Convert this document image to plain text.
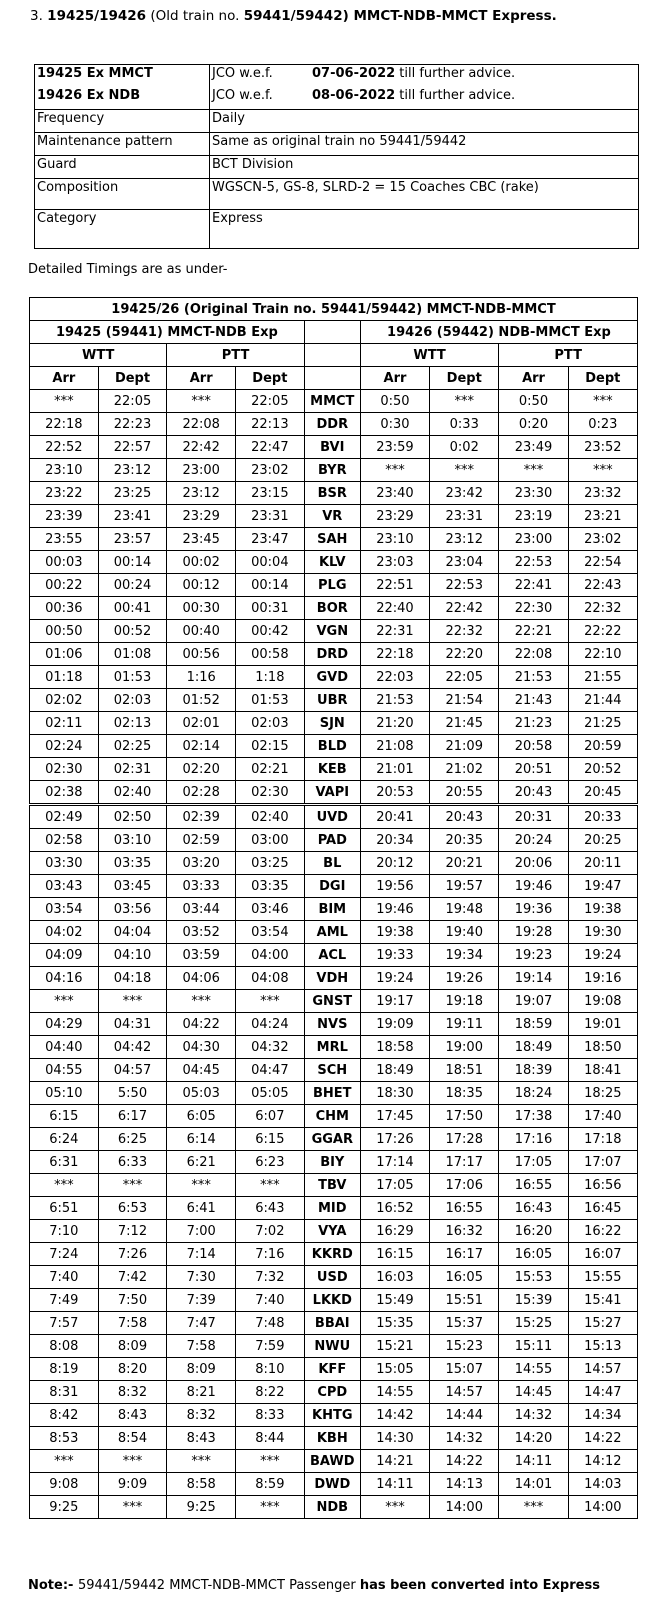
3. 19425/19426 (Old train no. 59441/59442) MMCT-NDB-MMCT Express.
19425 Ex MMCT	JCO w.e.f. 07-06-2022 till further advice.
19426 Ex NDB	JCO w.e.f. 08-06-2022 till further advice.
Frequency	Daily
Maintenance pattern	Same as original train no 59441/59442
Guard	BCT Division
Composition	WGSCN-5, GS-8, SLRD-2 = 15 Coaches CBC (rake)
Category	Express
Detailed Timings are as under-
19425/26 (Original Train no. 59441/59442) MMCT-NDB-MMCT								
19425 (59441) MMCT-NDB Exp					19426 (59442) NDB-MMCT Exp			
WTT		PTT			WTT		PTT	
Arr	Dept	Arr	Dept		Arr	Dept	Arr	Dept
***	22:05	***	22:05	MMCT	0:50	***	0:50	***
22:18	22:23	22:08	22:13	DDR	0:30	0:33	0:20	0:23
22:52	22:57	22:42	22:47	BVI	23:59	0:02	23:49	23:52
23:10	23:12	23:00	23:02	BYR	***	***	***	***
23:22	23:25	23:12	23:15	BSR	23:40	23:42	23:30	23:32
23:39	23:41	23:29	23:31	VR	23:29	23:31	23:19	23:21
23:55	23:57	23:45	23:47	SAH	23:10	23:12	23:00	23:02
00:03	00:14	00:02	00:04	KLV	23:03	23:04	22:53	22:54
00:22	00:24	00:12	00:14	PLG	22:51	22:53	22:41	22:43
00:36	00:41	00:30	00:31	BOR	22:40	22:42	22:30	22:32
00:50	00:52	00:40	00:42	VGN	22:31	22:32	22:21	22:22
01:06	01:08	00:56	00:58	DRD	22:18	22:20	22:08	22:10
01:18	01:53	1:16	1:18	GVD	22:03	22:05	21:53	21:55
02:02	02:03	01:52	01:53	UBR	21:53	21:54	21:43	21:44
02:11	02:13	02:01	02:03	SJN	21:20	21:45	21:23	21:25
02:24	02:25	02:14	02:15	BLD	21:08	21:09	20:58	20:59
02:30	02:31	02:20	02:21	KEB	21:01	21:02	20:51	20:52
02:38	02:40	02:28	02:30	VAPI	20:53	20:55	20:43	20:45
02:49	02:50	02:39	02:40	UVD	20:41	20:43	20:31	20:33
02:58	03:10	02:59	03:00	PAD	20:34	20:35	20:24	20:25
03:30	03:35	03:20	03:25	BL	20:12	20:21	20:06	20:11
03:43	03:45	03:33	03:35	DGI	19:56	19:57	19:46	19:47
03:54	03:56	03:44	03:46	BIM	19:46	19:48	19:36	19:38
04:02	04:04	03:52	03:54	AML	19:38	19:40	19:28	19:30
04:09	04:10	03:59	04:00	ACL	19:33	19:34	19:23	19:24
04:16	04:18	04:06	04:08	VDH	19:24	19:26	19:14	19:16
***	***	***	***	GNST	19:17	19:18	19:07	19:08
04:29	04:31	04:22	04:24	NVS	19:09	19:11	18:59	19:01
04:40	04:42	04:30	04:32	MRL	18:58	19:00	18:49	18:50
04:55	04:57	04:45	04:47	SCH	18:49	18:51	18:39	18:41
05:10	5:50	05:03	05:05	BHET	18:30	18:35	18:24	18:25
6:15	6:17	6:05	6:07	CHM	17:45	17:50	17:38	17:40
6:24	6:25	6:14	6:15	GGAR	17:26	17:28	17:16	17:18
6:31	6:33	6:21	6:23	BIY	17:14	17:17	17:05	17:07
***	***	***	***	TBV	17:05	17:06	16:55	16:56
6:51	6:53	6:41	6:43	MID	16:52	16:55	16:43	16:45
7:10	7:12	7:00	7:02	VYA	16:29	16:32	16:20	16:22
7:24	7:26	7:14	7:16	KKRD	16:15	16:17	16:05	16:07
7:40	7:42	7:30	7:32	USD	16:03	16:05	15:53	15:55
7:49	7:50	7:39	7:40	LKKD	15:49	15:51	15:39	15:41
7:57	7:58	7:47	7:48	BBAI	15:35	15:37	15:25	15:27
8:08	8:09	7:58	7:59	NWU	15:21	15:23	15:11	15:13
8:19	8:20	8:09	8:10	KFF	15:05	15:07	14:55	14:57
8:31	8:32	8:21	8:22	CPD	14:55	14:57	14:45	14:47
8:42	8:43	8:32	8:33	KHTG	14:42	14:44	14:32	14:34
8:53	8:54	8:43	8:44	KBH	14:30	14:32	14:20	14:22
***	***	***	***	BAWD	14:21	14:22	14:11	14:12
9:08	9:09	8:58	8:59	DWD	14:11	14:13	14:01	14:03
9:25	***	9:25	***	NDB	***	14:00	***	14:00
Note:- 59441/59442 MMCT-NDB-MMCT Passenger has been converted into Express
